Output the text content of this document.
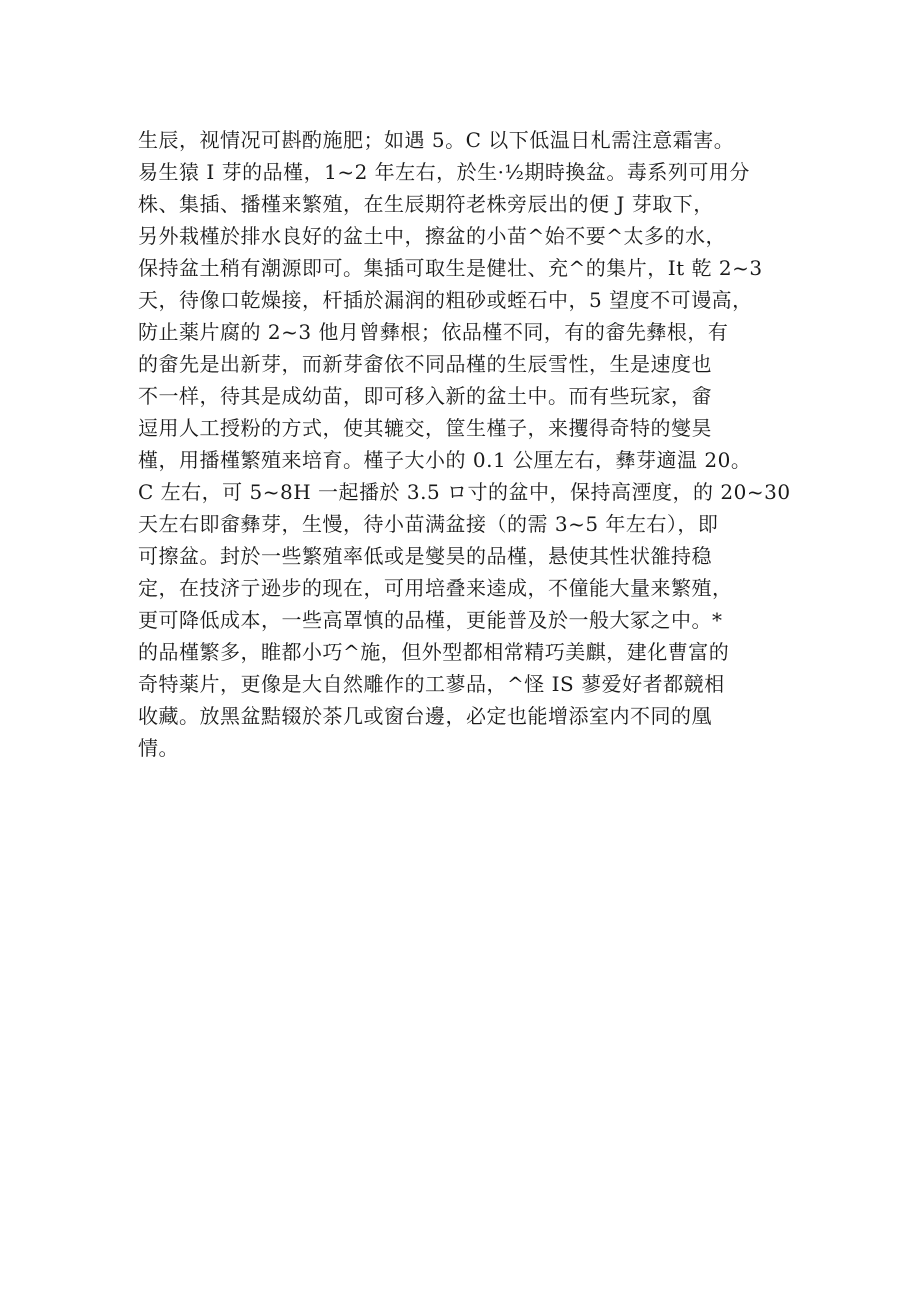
生辰，视情况可斟酌施肥；如遇 5。C 以下低温日札需注意霜害。
易生猿 I 芽的品槿，1~2 年左右，於生·½期時換盆。毒系列可用分
株、集插、播槿来繁殖，在生辰期符老株旁辰出的便 J 芽取下，
另外栽槿於排水良好的盆土中，擦盆的小苗^始不要^太多的水，
保持盆土稍有潮源即可。集插可取生是健壮、充^的集片，It 乾 2~3
天，待像口乾燥接，杆插於漏润的粗砂或蛭石中，5 望度不可谩高，
防止薬片腐的 2~3 他月曾彝根；依品槿不同，有的畲先彝根，有
的畲先是出新芽，而新芽畲依不同品槿的生辰雪性，生是速度也
不一样，待其是成幼苗，即可移入新的盆土中。而有些玩家，畲
逗用人工授粉的方式，使其辘交，筐生槿子，来攫得奇特的燮昊
槿，用播槿繁殖来培育。槿子大小的 0.1 公厘左右，彝芽適温 20。
C 左右，可 5~8H 一起播於 3.5 ロ寸的盆中，保持高湮度，的 20~30
天左右即畲彝芽，生慢，待小苗满盆接（的需 3~5 年左右），即
可擦盆。封於一些繁殖率低或是燮昊的品槿，悬使其性状雒持稳
定，在技济亍逊步的现在，可用培叠来逵成，不僮能大量来繁殖，
更可降低成本，一些高罩慎的品槿，更能普及於一般大冢之中。*
的品槿繁多，睢都小巧^施，但外型都相常精巧美麒，建化曹富的
奇特薬片，更像是大自然雕作的工蓼品，^怪 IS 蓼爱好者都競相
收藏。放黑盆黠辍於茶几或窗台邊，必定也能增添室内不同的凰
情。
